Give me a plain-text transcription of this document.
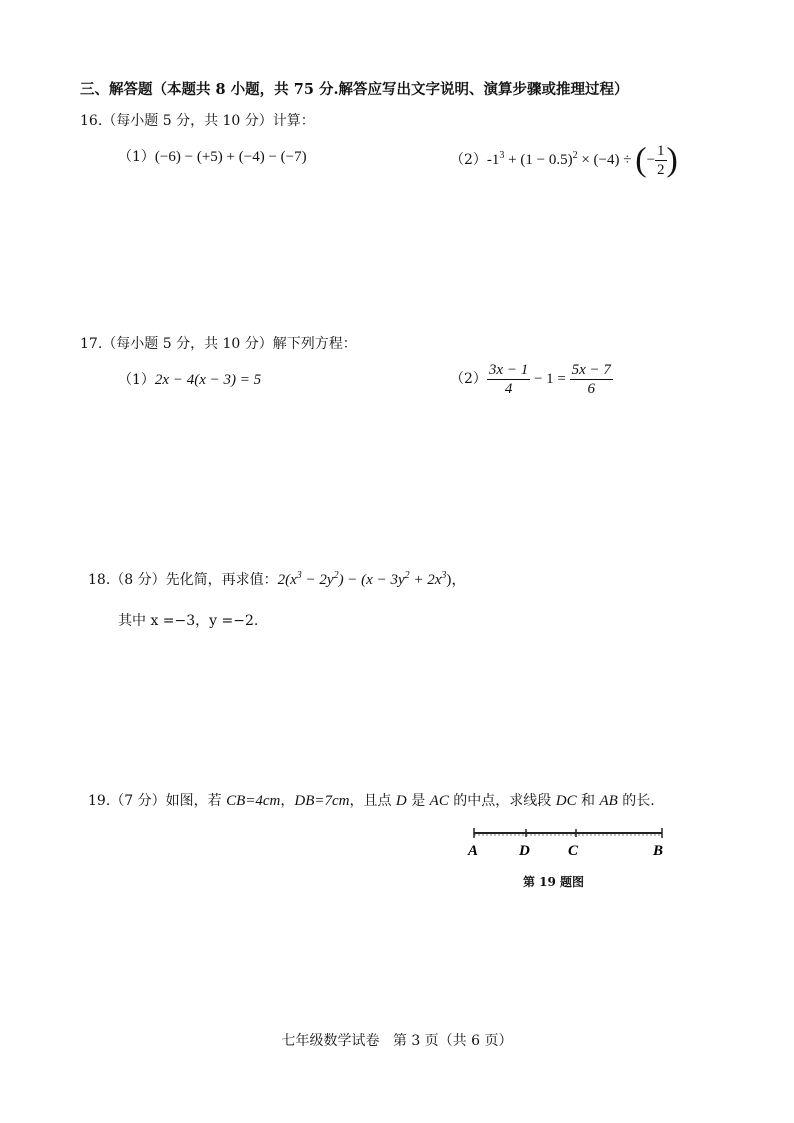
三、解答题（本题共 8 小题，共 75 分.解答应写出文字说明、演算步骤或推理过程）
16.（每小题 5 分，共 10 分）计算：
（1）(−6) − (+5) + (−4) − (−7)	$(2)-1^3 + (1 - 0.5)^2 \times (-4)$ ÷ (− $\frac{1}{2}$ )
17.（每小题 5 分，共 10 分）解下列方程：
（1）2x − 4(x − 3) = 5	$(2) \frac{3x - 1}{4} - 1 = \frac{5x - 7}{6}$
18.（8 分）先化简，再求值：$2(x^3 - 2y^2) - (x - 3y^2 + 2x^3)$，
其中 x =−3，y =−2.
19.（7 分）如图，若 CB=4cm，DB=7cm，且点 D 是 AC 的中点，求线段 DC 和 AB 的长.
A	D	C	B
第 19 题图
七年级数学试卷   第 3 页（共 6 页）
